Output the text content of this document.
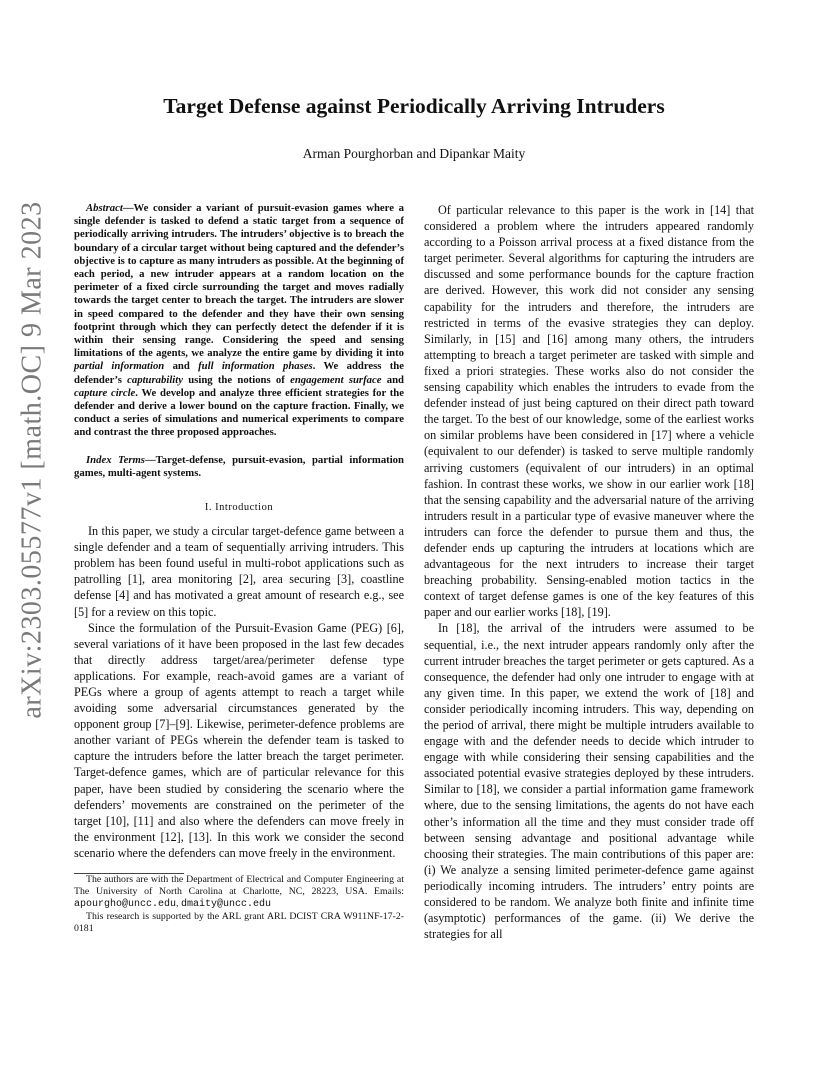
arXiv:2303.05577v1 [math.OC] 9 Mar 2023
Target Defense against Periodically Arriving Intruders
Arman Pourghorban and Dipankar Maity

Abstract—We consider a variant of pursuit-evasion games where a single defender is tasked to defend a static target from a sequence of periodically arriving intruders. The intruders’ objective is to breach the boundary of a circular target without being captured and the defender’s objective is to capture as many intruders as possible. At the beginning of each period, a new intruder appears at a random location on the perimeter of a fixed circle surrounding the target and moves radially towards the target center to breach the target. The intruders are slower in speed compared to the defender and they have their own sensing footprint through which they can perfectly detect the defender if it is within their sensing range. Considering the speed and sensing limitations of the agents, we analyze the entire game by dividing it into partial information and full information phases. We address the defender’s capturability using the notions of engagement surface and capture circle. We develop and analyze three efficient strategies for the defender and derive a lower bound on the capture fraction. Finally, we conduct a series of simulations and numerical experiments to compare and contrast the three proposed approaches.

Index Terms—Target-defense, pursuit-evasion, partial information games, multi-agent systems.

I. Introduction

In this paper, we study a circular target-defence game between a single defender and a team of sequentially arriving intruders. This problem has been found useful in multi-robot applications such as patrolling [1], area monitoring [2], area securing [3], coastline defense [4] and has motivated a great amount of research e.g., see [5] for a review on this topic.

Since the formulation of the Pursuit-Evasion Game (PEG) [6], several variations of it have been proposed in the last few decades that directly address target/area/perimeter defense type applications. For example, reach-avoid games are a variant of PEGs where a group of agents attempt to reach a target while avoiding some adversarial circumstances generated by the opponent group [7]–[9]. Likewise, perimeter-defence problems are another variant of PEGs wherein the defender team is tasked to capture the intruders before the latter breach the target perimeter. Target-defence games, which are of particular relevance for this paper, have been studied by considering the scenario where the defenders’ movements are constrained on the perimeter of the target [10], [11] and also where the defenders can move freely in the environment [12], [13]. In this work we consider the second scenario where the defenders can move freely in the environment.

The authors are with the Department of Electrical and Computer Engineering at The University of North Carolina at Charlotte, NC, 28223, USA. Emails: apourgho@uncc.edu, dmaity@uncc.edu

This research is supported by the ARL grant ARL DCIST CRA W911NF-17-2-0181

Of particular relevance to this paper is the work in [14] that considered a problem where the intruders appeared randomly according to a Poisson arrival process at a fixed distance from the target perimeter. Several algorithms for capturing the intruders are discussed and some performance bounds for the capture fraction are derived. However, this work did not consider any sensing capability for the intruders and therefore, the intruders are restricted in terms of the evasive strategies they can deploy. Similarly, in [15] and [16] among many others, the intruders attempting to breach a target perimeter are tasked with simple and fixed a priori strategies. These works also do not consider the sensing capability which enables the intruders to evade from the defender instead of just being captured on their direct path toward the target. To the best of our knowledge, some of the earliest works on similar problems have been considered in [17] where a vehicle (equivalent to our defender) is tasked to serve multiple randomly arriving customers (equivalent of our intruders) in an optimal fashion. In contrast these works, we show in our earlier work [18] that the sensing capability and the adversarial nature of the arriving intruders result in a particular type of evasive maneuver where the intruders can force the defender to pursue them and thus, the defender ends up capturing the intruders at locations which are advantageous for the next intruders to increase their target breaching probability. Sensing-enabled motion tactics in the context of target defense games is one of the key features of this paper and our earlier works [18], [19].

In [18], the arrival of the intruders were assumed to be sequential, i.e., the next intruder appears randomly only after the current intruder breaches the target perimeter or gets captured. As a consequence, the defender had only one intruder to engage with at any given time. In this paper, we extend the work of [18] and consider periodically incoming intruders. This way, depending on the period of arrival, there might be multiple intruders available to engage with and the defender needs to decide which intruder to engage with while considering their sensing capabilities and the associated potential evasive strategies deployed by these intruders. Similar to [18], we consider a partial information game framework where, due to the sensing limitations, the agents do not have each other’s information all the time and they must consider trade off between sensing advantage and positional advantage while choosing their strategies. The main contributions of this paper are: (i) We analyze a sensing limited perimeter-defence game against periodically incoming intruders. The intruders’ entry points are considered to be random. We analyze both finite and infinite time (asymptotic) performances of the game. (ii) We derive the strategies for all
